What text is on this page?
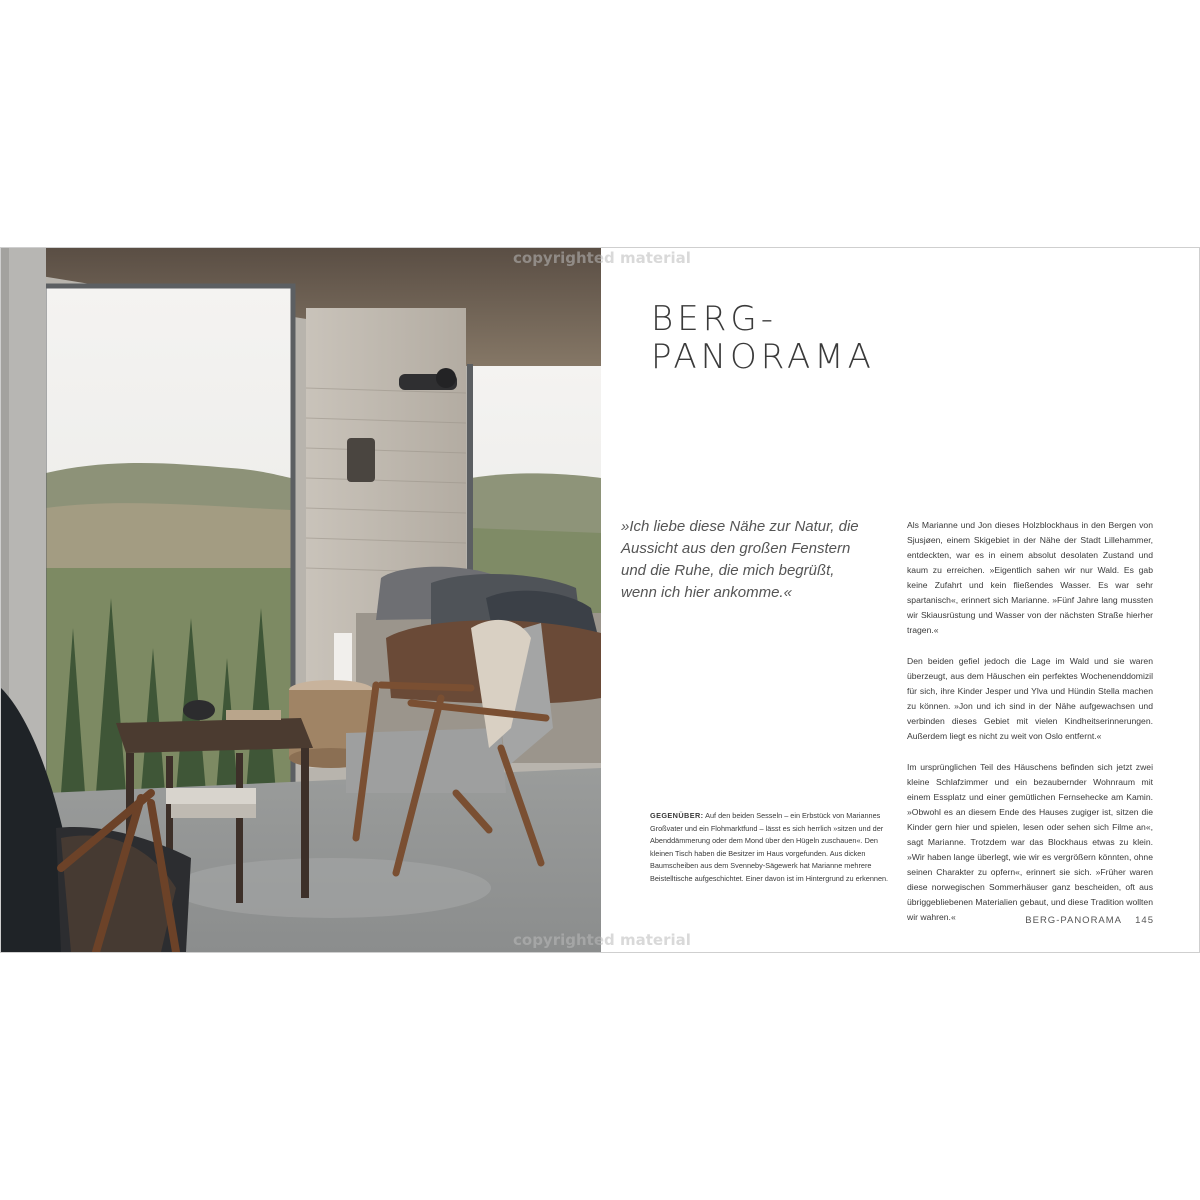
BERG-
PANORAMA

»Ich liebe diese Nähe zur Natur, die Aussicht aus den großen Fenstern und die Ruhe, die mich begrüßt, wenn ich hier ankomme.«

Als Marianne und Jon dieses Holzblockhaus in den Bergen von Sjusjøen, einem Skigebiet in der Nähe der Stadt Lillehammer, entdeckten, war es in einem absolut desolaten Zustand und kaum zu erreichen. »Eigentlich sahen wir nur Wald. Es gab keine Zufahrt und kein fließendes Wasser. Es war sehr spartanisch«, erinnert sich Marianne. »Fünf Jahre lang mussten wir Skiausrüstung und Wasser von der nächsten Straße hierher tragen.«

Den beiden gefiel jedoch die Lage im Wald und sie waren überzeugt, aus dem Häuschen ein perfektes Wochenenddomizil für sich, ihre Kinder Jesper und Ylva und Hündin Stella machen zu können. »Jon und ich sind in der Nähe aufgewachsen und verbinden dieses Gebiet mit vielen Kindheitserinnerungen. Außerdem liegt es nicht zu weit von Oslo entfernt.«

Im ursprünglichen Teil des Häuschens befinden sich jetzt zwei kleine Schlafzimmer und ein bezaubernder Wohnraum mit einem Essplatz und einer gemütlichen Fernsehecke am Kamin. »Obwohl es an diesem Ende des Hauses zugiger ist, sitzen die Kinder gern hier und spielen, lesen oder sehen sich Filme an«, sagt Marianne. Trotzdem war das Blockhaus etwas zu klein. »Wir haben lange überlegt, wie wir es vergrößern könnten, ohne seinen Charakter zu opfern«, erinnert sie sich. »Früher waren diese norwegischen Sommerhäuser ganz bescheiden, oft aus übriggebliebenen Materialien gebaut, und diese Tradition wollten wir wahren.«

GEGENÜBER: Auf den beiden Sesseln – ein Erbstück von Mariannes Großvater und ein Flohmarktfund – lässt es sich herrlich »sitzen und der Abenddämmerung oder dem Mond über den Hügeln zuschauen«. Den kleinen Tisch haben die Besitzer im Haus vorgefunden. Aus dicken Baumscheiben aus dem Svenneby-Sägewerk hat Marianne mehrere Beistelltische aufgeschichtet. Einer davon ist im Hintergrund zu erkennen.

BERG-PANORAMA 145
copyrighted material
copyrighted material
